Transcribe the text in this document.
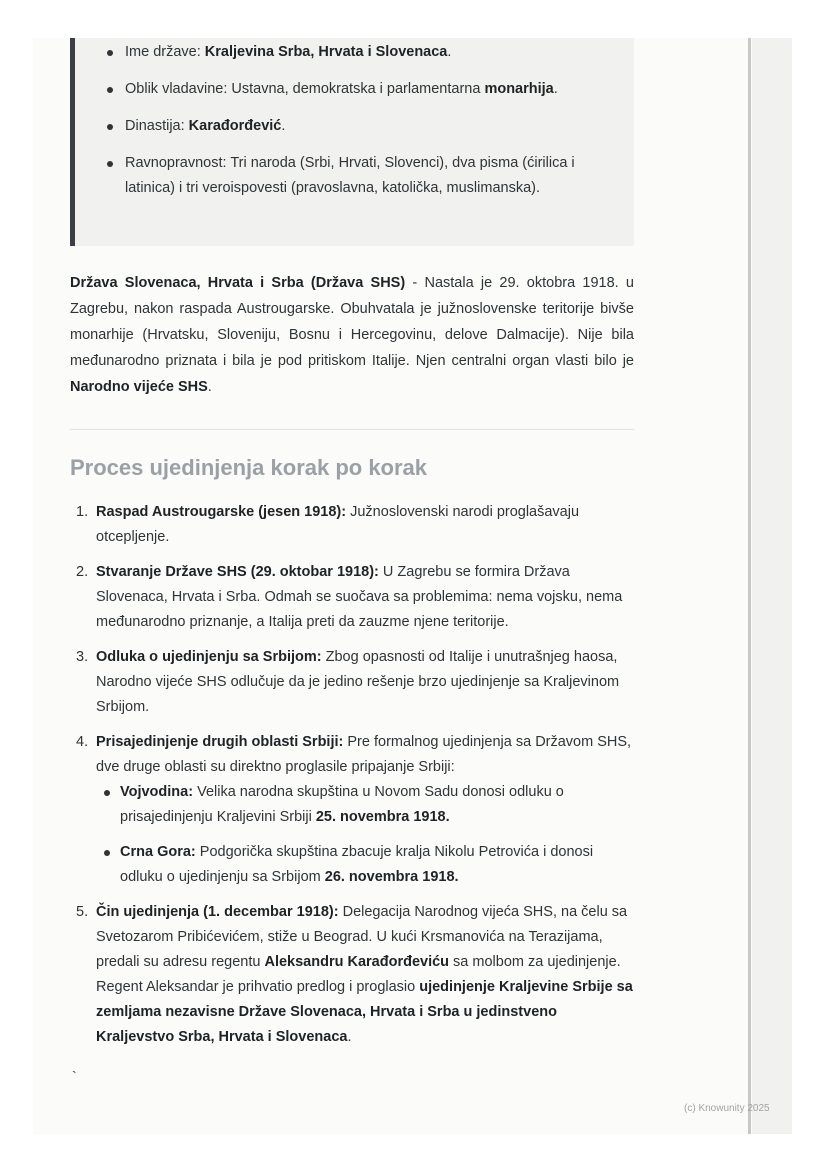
Ime države: Kraljevina Srba, Hrvata i Slovenaca.
Oblik vladavine: Ustavna, demokratska i parlamentarna monarhija.
Dinastija: Karađorđević.
Ravnopravnost: Tri naroda (Srbi, Hrvati, Slovenci), dva pisma (ćirilica i latinica) i tri veroispovesti (pravoslavna, katolička, muslimanska).
Država Slovenaca, Hrvata i Srba (Država SHS) - Nastala je 29. oktobra 1918. u Zagrebu, nakon raspada Austrougarske. Obuhvatala je južnoslovenske teritorije bivše monarhije (Hrvatsku, Sloveniju, Bosnu i Hercegovinu, delove Dalmacije). Nije bila međunarodno priznata i bila je pod pritiskom Italije. Njen centralni organ vlasti bilo je Narodno vijeće SHS.
Proces ujedinjenja korak po korak
1. Raspad Austrougarske (jesen 1918): Južnoslovenski narodi proglašavaju otcepljenje.
2. Stvaranje Države SHS (29. oktobar 1918): U Zagrebu se formira Država Slovenaca, Hrvata i Srba. Odmah se suočava sa problemima: nema vojsku, nema međunarodno priznanje, a Italija preti da zauzme njene teritorije.
3. Odluka o ujedinjenju sa Srbijom: Zbog opasnosti od Italije i unutrašnjeg haosa, Narodno vijeće SHS odlučuje da je jedino rešenje brzo ujedinjenje sa Kraljevinom Srbijom.
4. Prisajedinjenje drugih oblasti Srbiji: Pre formalnog ujedinjenja sa Državom SHS, dve druge oblasti su direktno proglasile pripajanje Srbiji:
Vojvodina: Velika narodna skupština u Novom Sadu donosi odluku o prisajedinjenju Kraljevini Srbiji 25. novembra 1918.
Crna Gora: Podgorička skupština zbacuje kralja Nikolu Petrovića i donosi odluku o ujedinjenju sa Srbijom 26. novembra 1918.
5. Čin ujedinjenja (1. decembar 1918): Delegacija Narodnog vijeća SHS, na čelu sa Svetozarom Pribićevićem, stiže u Beograd. U kući Krsmanovića na Terazijama, predali su adresu regentu Aleksandru Karađorđeviću sa molbom za ujedinjenje. Regent Aleksandar je prihvatio predlog i proglasio ujedinjenje Kraljevine Srbije sa zemljama nezavisne Države Slovenaca, Hrvata i Srba u jedinstveno Kraljevstvo Srba, Hrvata i Slovenaca.
`
(c) Knowunity 2025
